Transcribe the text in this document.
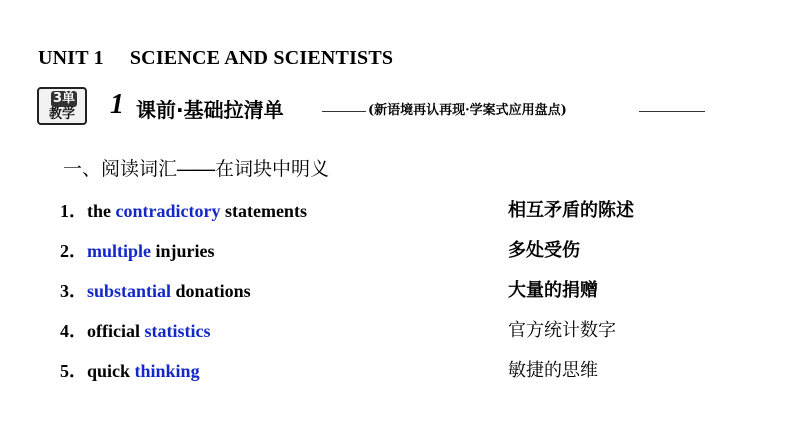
UNIT 1 SCIENCE AND SCIENTISTS
3单
教学	1 课前·基础拉清单	(新语境再认再现·学案式应用盘点)
一、阅读词汇——在词块中明义
1．the contradictory statements	相互矛盾的陈述
2．multiple injuries	多处受伤
3．substantial donations	大量的捐赠
4．official statistics	官方统计数字
5．quick thinking	敏捷的思维
